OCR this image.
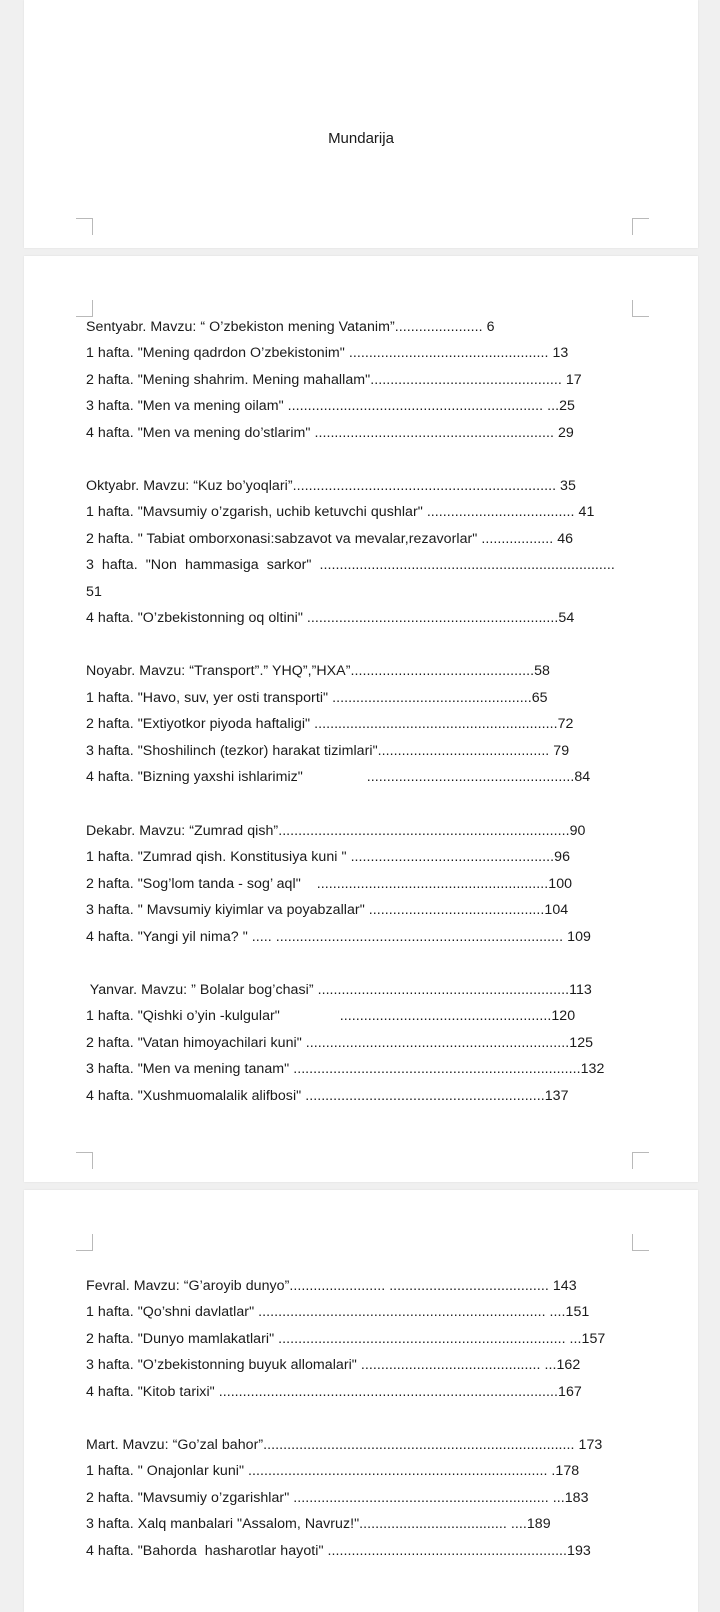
Mundarija
Sentyabr. Mavzu: “ O’zbekiston mening Vatanim”...................... 6
1 hafta. "Mening qadrdon O’zbekistonim" .................................................. 13
2 hafta. "Mening shahrim. Mening mahallam"................................................ 17
3 hafta. "Men va mening oilam" ................................................................ ...25
4 hafta. "Men va mening do’stlarim" ............................................................ 29
Oktyabr. Mavzu: “Kuz bo’yoqlari”.................................................................. 35
1 hafta. "Mavsumiy o’zgarish, uchib ketuvchi qushlar" ..................................... 41
2 hafta. " Tabiat omborxonasi:sabzavot va mevalar,rezavorlar" .................. 46
3  hafta.  "Non  hammasiga  sarkor"  ..........................................................................
51
4 hafta. "O’zbekistonning oq oltini" ...............................................................54
Noyabr. Mavzu: “Transport”.” YHQ”,”HXA”..............................................58
1 hafta. "Havo, suv, yer osti transporti" ..................................................65
2 hafta. "Extiyotkor piyoda haftaligi" .............................................................72
3 hafta. "Shoshilinch (tezkor) harakat tizimlari"........................................... 79
4 hafta. "Bizning yaxshi ishlarimiz"                ....................................................84
Dekabr. Mavzu: “Zumrad qish”.........................................................................90
1 hafta. "Zumrad qish. Konstitusiya kuni " ...................................................96
2 hafta. "Sog’lom tanda - sog’ aql"    ..........................................................100
3 hafta. " Mavsumiy kiyimlar va poyabzallar" ............................................104
4 hafta. "Yangi yil nima? " ..... ........................................................................ 109
Yanvar. Mavzu: ” Bolalar bog’chasi” ...............................................................113
1 hafta. "Qishki o’yin -kulgular"               .....................................................120
2 hafta. "Vatan himoyachilari kuni" ..................................................................125
3 hafta. "Men va mening tanam" ........................................................................132
4 hafta. "Xushmuomalalik alifbosi" ............................................................137
Fevral. Mavzu: “G’aroyib dunyo”........................ ........................................ 143
1 hafta. "Qo’shni davlatlar" ........................................................................ ....151
2 hafta. "Dunyo mamlakatlari" ........................................................................ ...157
3 hafta. "O’zbekistonning buyuk allomalari" ............................................. ...162
4 hafta. "Kitob tarixi" .....................................................................................167
Mart. Mavzu: “Go’zal bahor”.............................................................................. 173
1 hafta. " Onajonlar kuni" ........................................................................... .178
2 hafta. "Mavsumiy o’zgarishlar" ................................................................ ...183
3 hafta. Xalq manbalari "Assalom, Navruz!"..................................... ....189
4 hafta. "Bahorda  hasharotlar hayoti" ............................................................193
